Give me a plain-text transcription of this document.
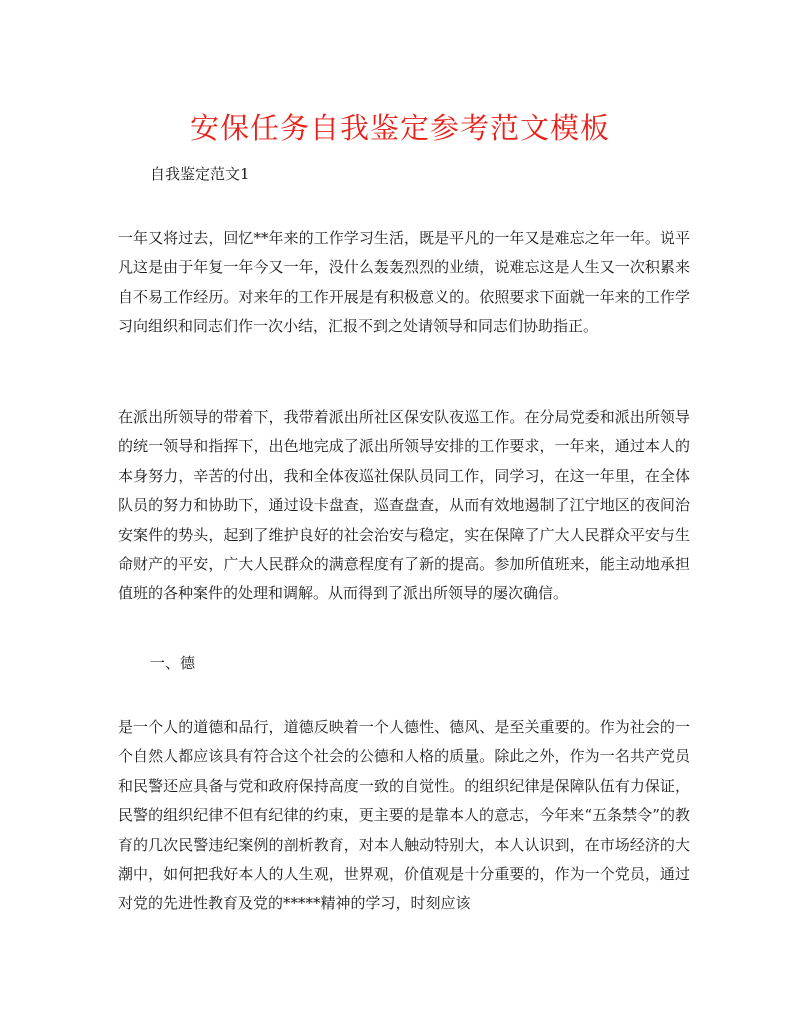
安保任务自我鉴定参考范文模板
自我鉴定范文1

一年又将过去，回忆**年来的工作学习生活，既是平凡的一年又是难忘之年一年。说平凡这是由于年复一年今又一年，没什么轰轰烈烈的业绩，说难忘这是人生又一次积累来自不易工作经历。对来年的工作开展是有积极意义的。依照要求下面就一年来的工作学习向组织和同志们作一次小结，汇报不到之处请领导和同志们协助指正。

在派出所领导的带着下，我带着派出所社区保安队夜巡工作。在分局党委和派出所领导的统一领导和指挥下，出色地完成了派出所领导安排的工作要求，一年来，通过本人的本身努力，辛苦的付出，我和全体夜巡社保队员同工作，同学习，在这一年里，在全体队员的努力和协助下，通过设卡盘查，巡查盘查，从而有效地遏制了江宁地区的夜间治安案件的势头，起到了维护良好的社会治安与稳定，实在保障了广大人民群众平安与生命财产的平安，广大人民群众的满意程度有了新的提高。参加所值班来，能主动地承担值班的各种案件的处理和调解。从而得到了派出所领导的屡次确信。

一、德

是一个人的道德和品行，道德反映着一个人德性、德风、是至关重要的。作为社会的一个自然人都应该具有符合这个社会的公德和人格的质量。除此之外，作为一名共产党员和民警还应具备与党和政府保持高度一致的自觉性。的组织纪律是保障队伍有力保证，民警的组织纪律不但有纪律的约束，更主要的是靠本人的意志，今年来“五条禁令”的教育的几次民警违纪案例的剖析教育，对本人触动特别大，本人认识到，在市场经济的大潮中，如何把我好本人的人生观，世界观，价值观是十分重要的，作为一个党员，通过对党的先进性教育及党的*****精神的学习，时刻应该
